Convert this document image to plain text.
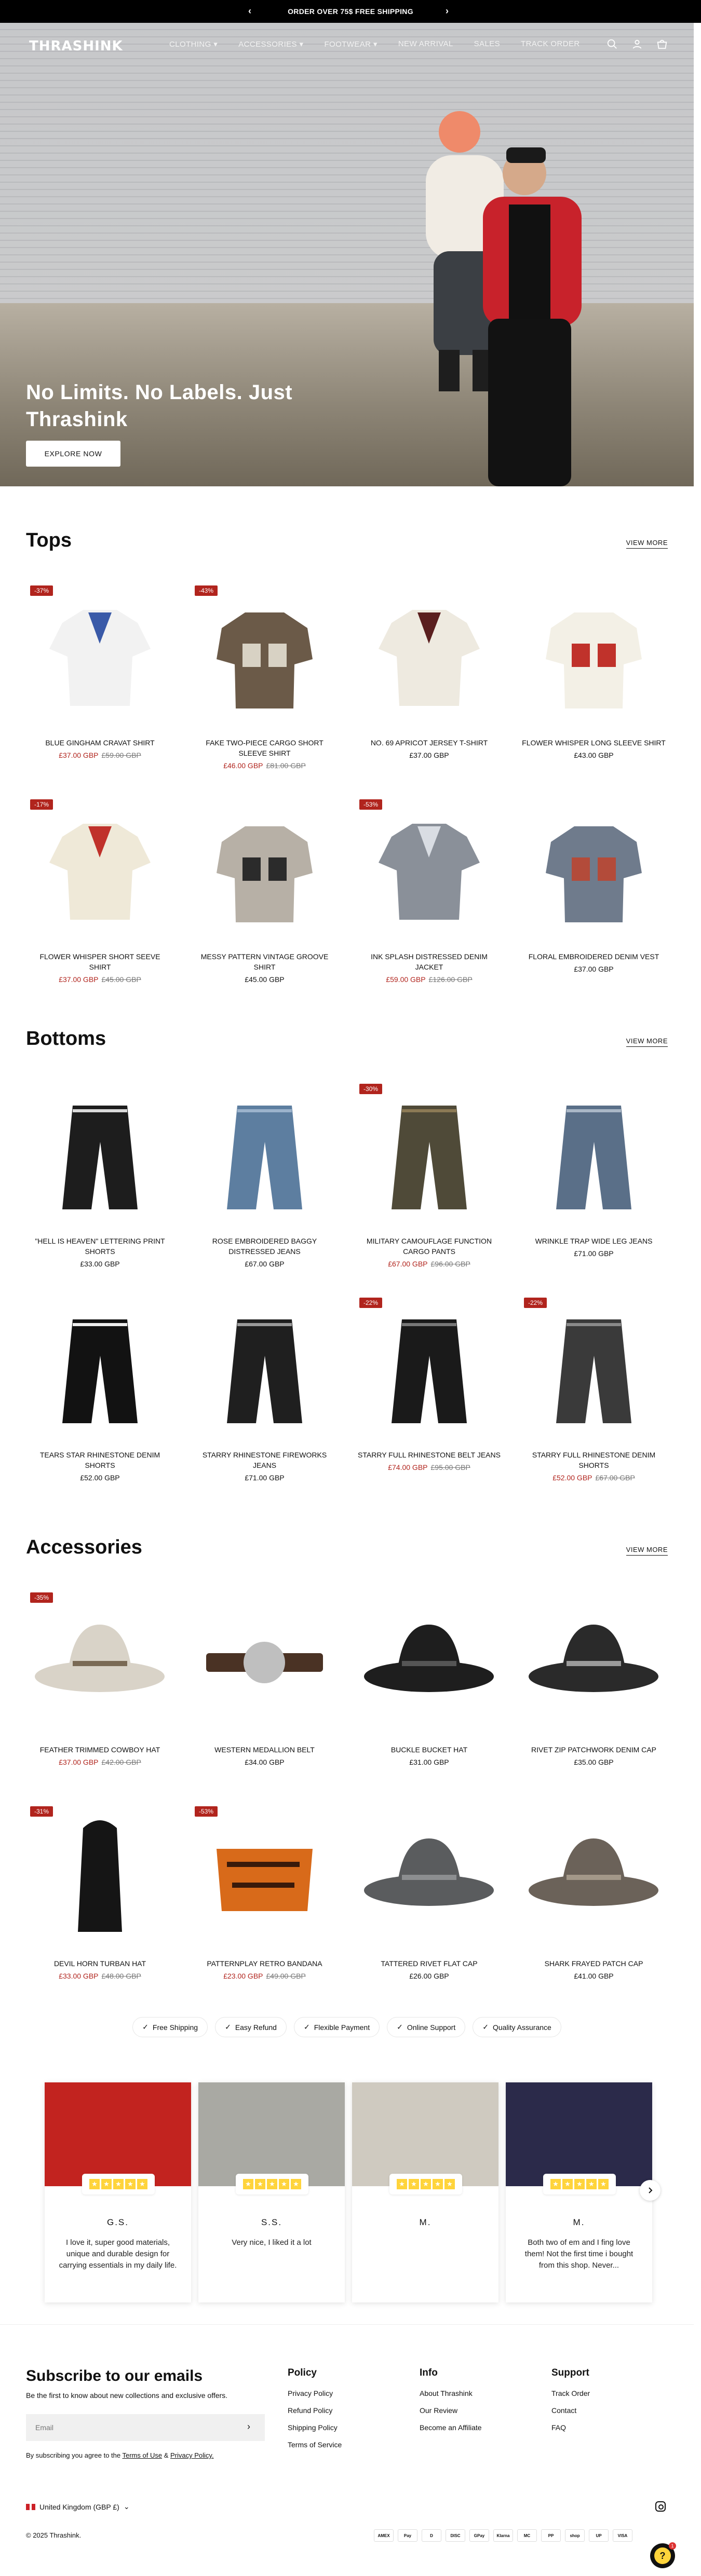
‹	ORDER OVER 75$ FREE SHIPPING	›
No Limits. No Labels. Just Thrashink
EXPLORE NOW
THRASHINK	CLOTHING ▾	ACCESSORIES ▾	FOOTWEAR ▾	NEW ARRIVAL	SALES	TRACK ORDER
Tops	VIEW MORE
-37%
BLUE GINGHAM CRAVAT SHIRT
£37.00 GBP £59.00 GBP
-43%
FAKE TWO-PIECE CARGO SHORT SLEEVE SHIRT
£46.00 GBP £81.00 GBP
NO. 69 APRICOT JERSEY T-SHIRT
£37.00 GBP
FLOWER WHISPER LONG SLEEVE SHIRT
£43.00 GBP
-17%
FLOWER WHISPER SHORT SEEVE SHIRT
£37.00 GBP £45.00 GBP
MESSY PATTERN VINTAGE GROOVE SHIRT
£45.00 GBP
-53%
INK SPLASH DISTRESSED DENIM JACKET
£59.00 GBP £126.00 GBP
FLORAL EMBROIDERED DENIM VEST
£37.00 GBP
Bottoms	VIEW MORE
"HELL IS HEAVEN" LETTERING PRINT SHORTS
£33.00 GBP
ROSE EMBROIDERED BAGGY DISTRESSED JEANS
£67.00 GBP
-30%
MILITARY CAMOUFLAGE FUNCTION CARGO PANTS
£67.00 GBP £96.00 GBP
WRINKLE TRAP WIDE LEG JEANS
£71.00 GBP
TEARS STAR RHINESTONE DENIM SHORTS
£52.00 GBP
STARRY RHINESTONE FIREWORKS JEANS
£71.00 GBP
-22%
STARRY FULL RHINESTONE BELT JEANS
£74.00 GBP £95.00 GBP
-22%
STARRY FULL RHINESTONE DENIM SHORTS
£52.00 GBP £67.00 GBP
Accessories	VIEW MORE
-35%
FEATHER TRIMMED COWBOY HAT
£37.00 GBP £42.00 GBP
WESTERN MEDALLION BELT
£34.00 GBP
BUCKLE BUCKET HAT
£31.00 GBP
RIVET ZIP PATCHWORK DENIM CAP
£35.00 GBP
-31%
DEVIL HORN TURBAN HAT
£33.00 GBP £48.00 GBP
-53%
PATTERNPLAY RETRO BANDANA
£23.00 GBP £49.00 GBP
TATTERED RIVET FLAT CAP
£26.00 GBP
SHARK FRAYED PATCH CAP
£41.00 GBP
✓ Free Shipping	✓ Easy Refund	✓ Flexible Payment	✓ Online Support	✓ Quality Assurance
★ ★ ★ ★ ★
G.S.
I love it, super good materials, unique and durable design for carrying essentials in my daily life.
★ ★ ★ ★ ★
S.S.
Very nice, I liked it a lot
★ ★ ★ ★ ★
M.
★ ★ ★ ★ ★
M.
Both two of em and I fing love them! Not the first time i bought from this shop. Never...
Subscribe to our emails
Be the first to know about new collections and exclusive offers.
Email
›
By subscribing you agree to the Terms of Use & Privacy Policy.
Policy
Privacy Policy
Refund Policy
Shipping Policy
Terms of Service
Info
About Thrashink
Our Review
Become an Affiliate
Support
Track Order
Contact
FAQ
United Kingdom (GBP £) ⌄
© 2025 Thrashink.	AMEX	Pay	D	DISC	GPay	Klarna	MC	PP	shop	UP	VISA
?
1
